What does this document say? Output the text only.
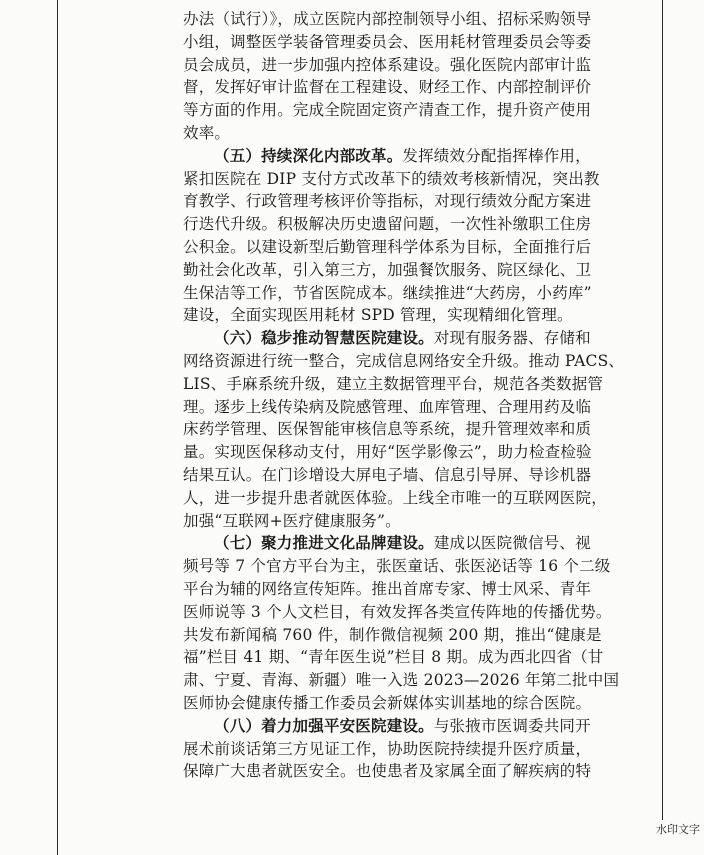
办法（试行）》，成立医院内部控制领导小组、招标采购领导
小组，调整医学装备管理委员会、医用耗材管理委员会等委
员会成员，进一步加强内控体系建设。强化医院内部审计监
督，发挥好审计监督在工程建设、财经工作、内部控制评价
等方面的作用。完成全院固定资产清查工作，提升资产使用
效率。
（五）持续深化内部改革。发挥绩效分配指挥棒作用，
紧扣医院在 DIP 支付方式改革下的绩效考核新情况，突出教
育教学、行政管理考核评价等指标，对现行绩效分配方案进
行迭代升级。积极解决历史遗留问题，一次性补缴职工住房
公积金。以建设新型后勤管理科学体系为目标，全面推行后
勤社会化改革，引入第三方，加强餐饮服务、院区绿化、卫
生保洁等工作，节省医院成本。继续推进“大药房，小药库”
建设，全面实现医用耗材 SPD 管理，实现精细化管理。
（六）稳步推动智慧医院建设。对现有服务器、存储和
网络资源进行统一整合，完成信息网络安全升级。推动 PACS、
LIS、手麻系统升级，建立主数据管理平台，规范各类数据管
理。逐步上线传染病及院感管理、血库管理、合理用药及临
床药学管理、医保智能审核信息等系统，提升管理效率和质
量。实现医保移动支付，用好“医学影像云”，助力检查检验
结果互认。在门诊增设大屏电子墙、信息引导屏、导诊机器
人，进一步提升患者就医体验。上线全市唯一的互联网医院，
加强“互联网+医疗健康服务”。
（七）聚力推进文化品牌建设。建成以医院微信号、视
频号等 7 个官方平台为主，张医童话、张医泌话等 16 个二级
平台为辅的网络宣传矩阵。推出首席专家、博士风采、青年
医师说等 3 个人文栏目，有效发挥各类宣传阵地的传播优势。
共发布新闻稿 760 件，制作微信视频 200 期，推出“健康是
福”栏目 41 期、“青年医生说”栏目 8 期。成为西北四省（甘
肃、宁夏、青海、新疆）唯一入选 2023—2026 年第二批中国
医师协会健康传播工作委员会新媒体实训基地的综合医院。
（八）着力加强平安医院建设。与张掖市医调委共同开
展术前谈话第三方见证工作，协助医院持续提升医疗质量，
保障广大患者就医安全。也使患者及家属全面了解疾病的特
水印文字
